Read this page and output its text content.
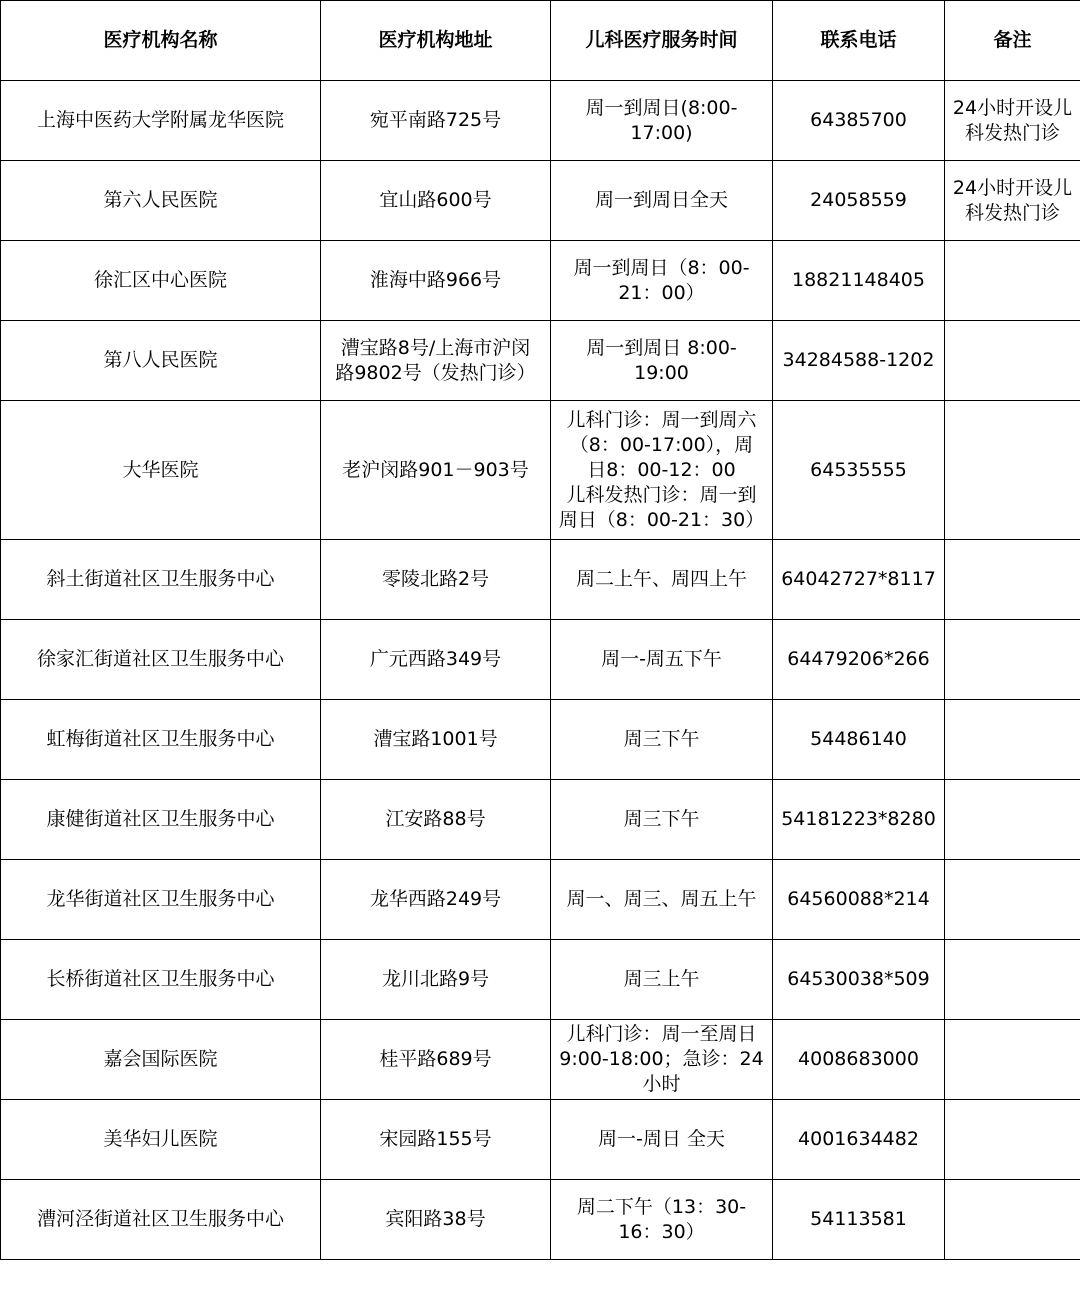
医疗机构名称	医疗机构地址	儿科医疗服务时间	联系电话	备注
上海中医药大学附属龙华医院	宛平南路725号	周一到周日(8:00-
17:00)	64385700	24小时开设儿
科发热门诊
第六人民医院	宜山路600号	周一到周日全天	24058559	24小时开设儿
科发热门诊
徐汇区中心医院	淮海中路966号	周一到周日（8：00-
21：00）	18821148405	
第八人民医院	漕宝路8号/上海市沪闵
路9802号（发热门诊）	周一到周日 8:00-
19:00	34284588-1202	
大华医院	老沪闵路901－903号	儿科门诊：周一到周六
（8：00-17:00），周
日8：00-12：00
儿科发热门诊：周一到
周日（8：00-21：30）	64535555	
斜土街道社区卫生服务中心	零陵北路2号	周二上午、周四上午	64042727*8117	
徐家汇街道社区卫生服务中心	广元西路349号	周一-周五下午	64479206*266	
虹梅街道社区卫生服务中心	漕宝路1001号	周三下午	54486140	
康健街道社区卫生服务中心	江安路88号	周三下午	54181223*8280	
龙华街道社区卫生服务中心	龙华西路249号	周一、周三、周五上午	64560088*214	
长桥街道社区卫生服务中心	龙川北路9号	周三上午	64530038*509	
嘉会国际医院	桂平路689号	儿科门诊：周一至周日
9:00-18:00；急诊：24
小时	4008683000	
美华妇儿医院	宋园路155号	周一-周日 全天	4001634482	
漕河泾街道社区卫生服务中心	宾阳路38号	周二下午（13：30-
16：30）	54113581	
